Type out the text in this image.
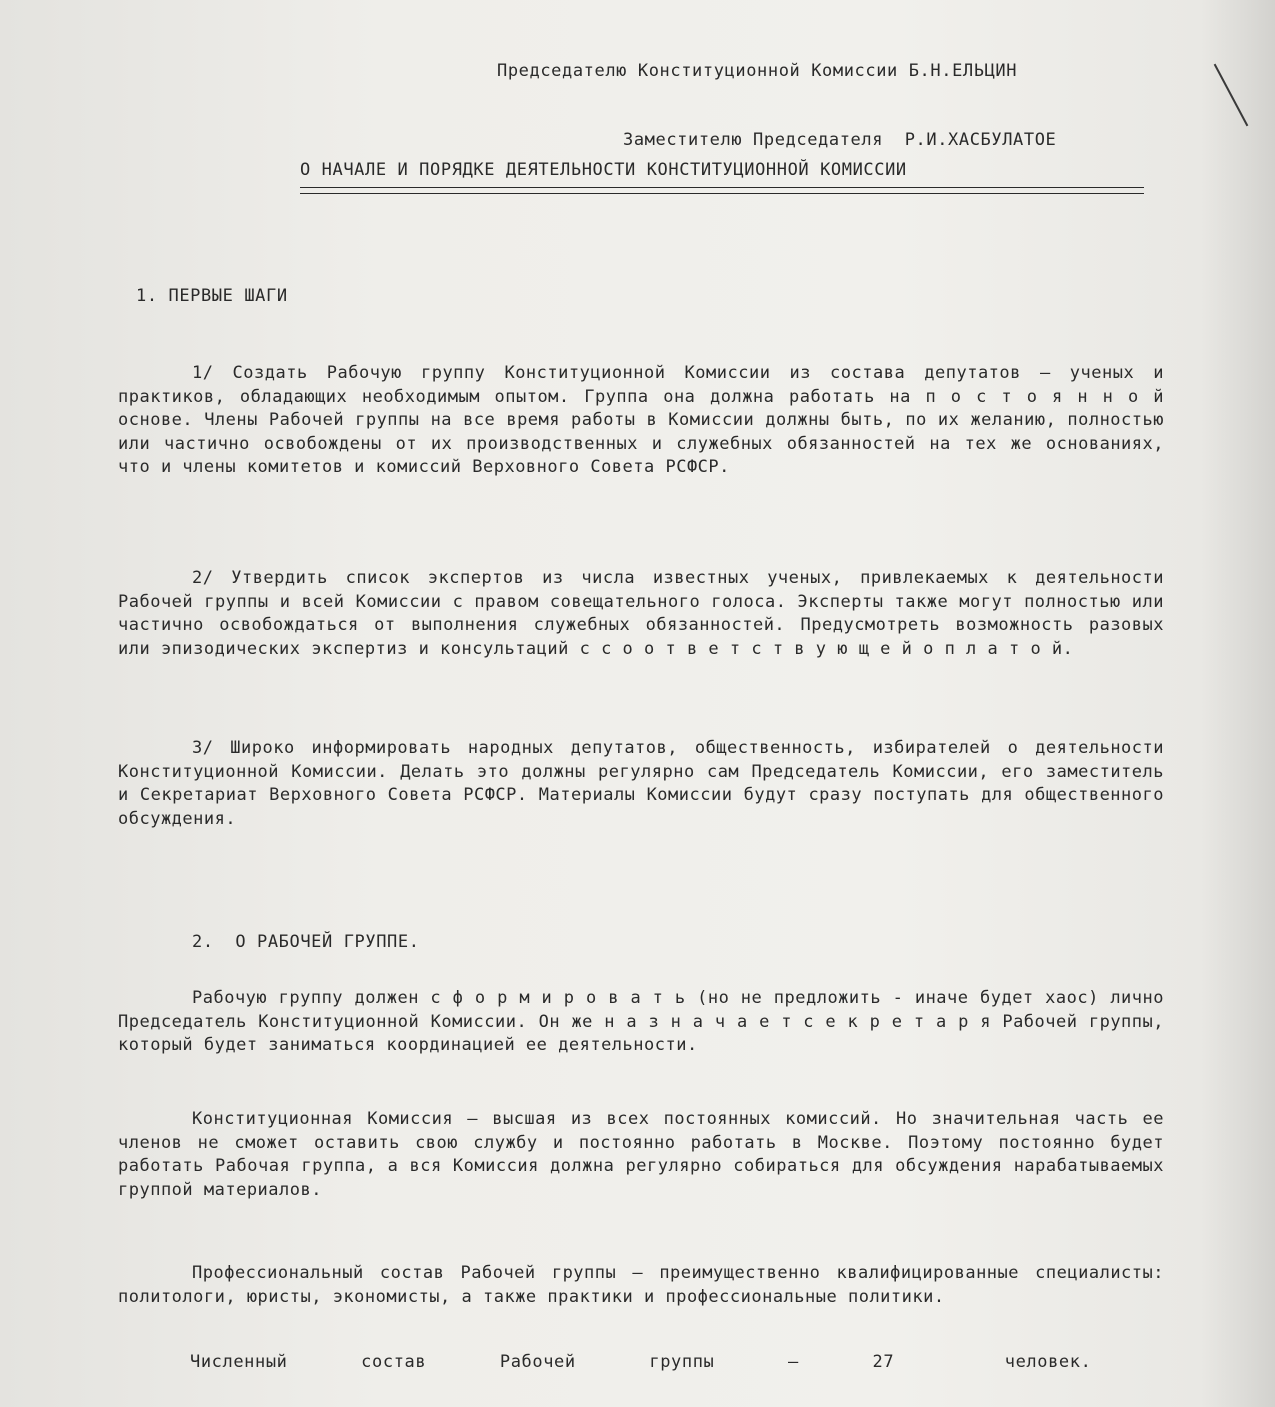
Председателю Конституционной Комиссии Б.Н.ЕЛЬЦИН

Заместителю Председателя  Р.И.ХАСБУЛАТОЕ

О НАЧАЛЕ И ПОРЯДКЕ ДЕЯТЕЛЬНОСТИ КОНСТИТУЦИОННОЙ КОМИССИИ
1. ПЕРВЫЕ ШАГИ
1/ Создать Рабочую группу Конституционной Комиссии из состава депутатов – ученых и практиков, обладающих необходимым опытом. Группа она должна работать на п о с т о я н н о й основе. Члены Рабочей группы на все время работы в Комиссии должны быть, по их желанию, полностью или частично освобождены от их производственных и служебных обязанностей на тех же основаниях, что и члены комитетов и комиссий Верховного Совета РСФСР.
2/ Утвердить список экспертов из числа известных ученых, привлекаемых к деятельности Рабочей группы и всей Комиссии с правом совещательного голоса. Эксперты также могут полностью или частично освобождаться от выполнения служебных обязанностей. Предусмотреть возможность разовых или эпизодических экспертиз и консультаций с с о о т в е т с т в у ю щ е й о п л а т о й.
3/ Широко информировать народных депутатов, общественность, избирателей о деятельности Конституционной Комиссии. Делать это должны регулярно сам Председатель Комиссии, его заместитель и Секретариат Верховного Совета РСФСР. Материалы Комиссии будут сразу поступать для общественного обсуждения.
2.  О РАБОЧЕЙ ГРУППЕ.
Рабочую группу должен с ф о р м и р о в а т ь (но не предложить - иначе будет хаос) лично Председатель Конституционной Комиссии. Он же н а з н а ч а е т с е к р е т а р я Рабочей группы, который будет заниматься координацией ее деятельности.
Конституционная Комиссия – высшая из всех постоянных комиссий. Но значительная часть ее членов не сможет оставить свою службу и постоянно работать в Москве. Поэтому постоянно будет работать Рабочая группа, а вся Комиссия должна регулярно собираться для обсуждения нарабатываемых группой материалов.
Профессиональный состав Рабочей группы – преимущественно квалифицированные специалисты: политологи, юристы, экономисты, а также практики и профессиональные политики.
Численный  состав  Рабочей  группы  –  27   человек.
